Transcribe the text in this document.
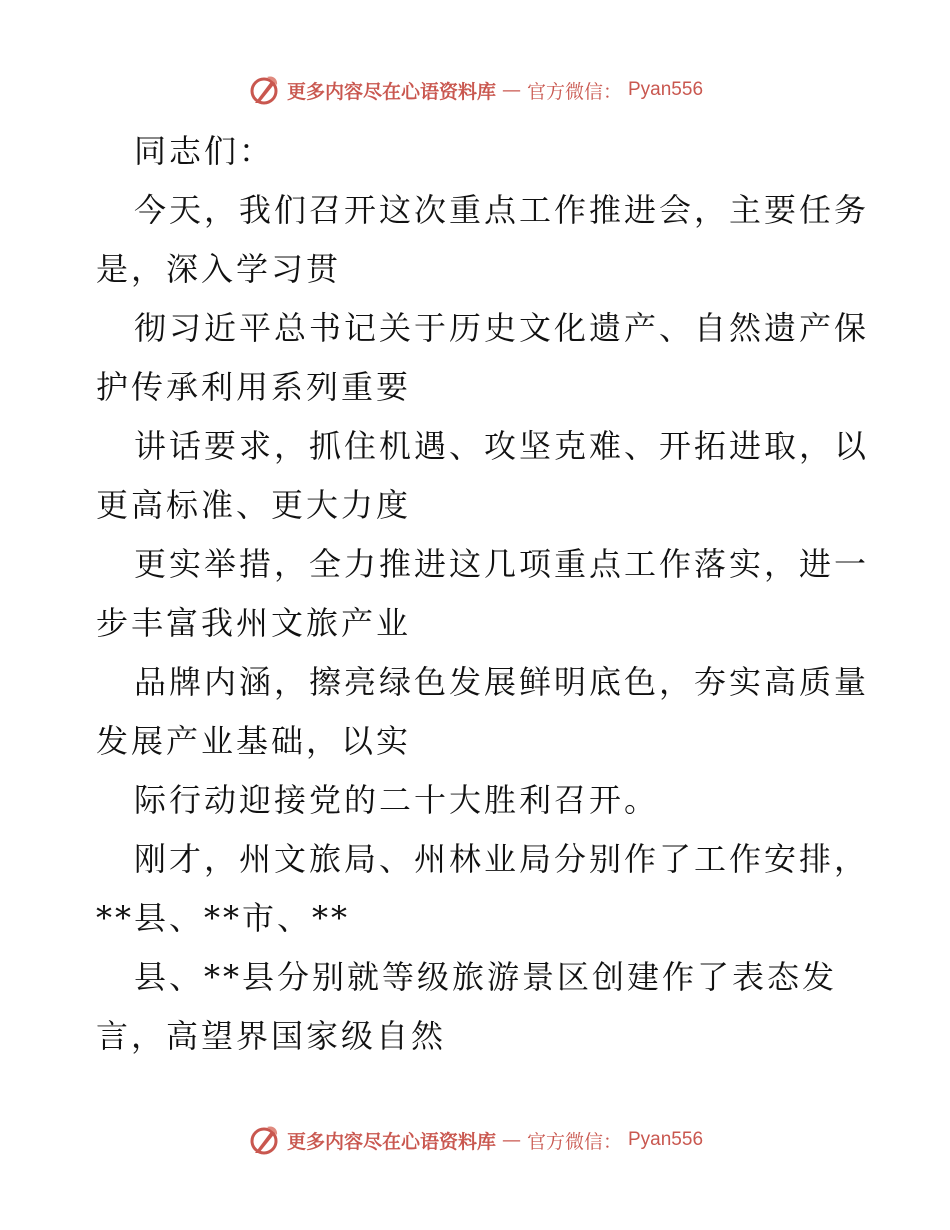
更多内容尽在心语资料库 — 官方微信： Pyan556
同志们：
今天，我们召开这次重点工作推进会，主要任务
是，深入学习贯
彻习近平总书记关于历史文化遗产、自然遗产保
护传承利用系列重要
讲话要求，抓住机遇、攻坚克难、开拓进取，以
更高标准、更大力度
更实举措，全力推进这几项重点工作落实，进一
步丰富我州文旅产业
品牌内涵，擦亮绿色发展鲜明底色，夯实高质量
发展产业基础，以实
际行动迎接党的二十大胜利召开。
刚才，州文旅局、州林业局分别作了工作安排，
**县、**市、**
县、**县分别就等级旅游景区创建作了表态发
言，高望界国家级自然
更多内容尽在心语资料库 — 官方微信： Pyan556
